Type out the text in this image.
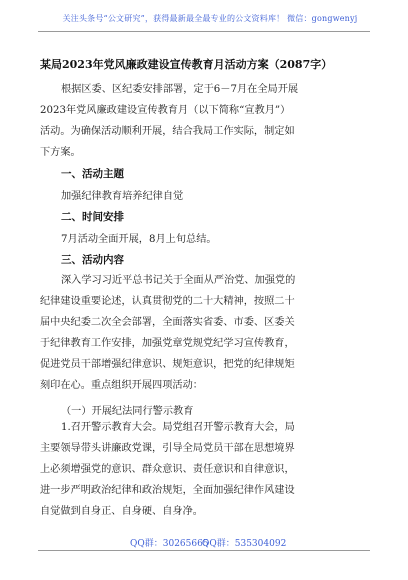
关注头条号“公文研究”，获得最新最全最专业的公文资料库！ 微信：gongwenyj
某局2023年党风廉政建设宣传教育月活动方案（2087字）
根据区委、区纪委安排部署，定于6－7月在全局开展
2023年党风廉政建设宣传教育月（以下简称“宣教月”）
活动。为确保活动顺利开展，结合我局工作实际，制定如
下方案。
一、活动主题
加强纪律教育培养纪律自觉
二、时间安排
7月活动全面开展，8月上旬总结。
三、活动内容
深入学习习近平总书记关于全面从严治党、加强党的
纪律建设重要论述，认真贯彻党的二十大精神，按照二十
届中央纪委二次全会部署，全面落实省委、市委、区委关
于纪律教育工作安排，加强党章党规党纪学习宣传教育，
促进党员干部增强纪律意识、规矩意识，把党的纪律规矩
刻印在心。重点组织开展四项活动：
（一）开展纪法同行警示教育
1.召开警示教育大会。局党组召开警示教育大会，局
主要领导带头讲廉政党课，引导全局党员干部在思想境界
上必须增强党的意识、群众意识、责任意识和自律意识，
进一步严明政治纪律和政治规矩，全面加强纪律作风建设
自觉做到自身正、自身硬、自身净。
QQ群：30265665
QQ群：535304092
